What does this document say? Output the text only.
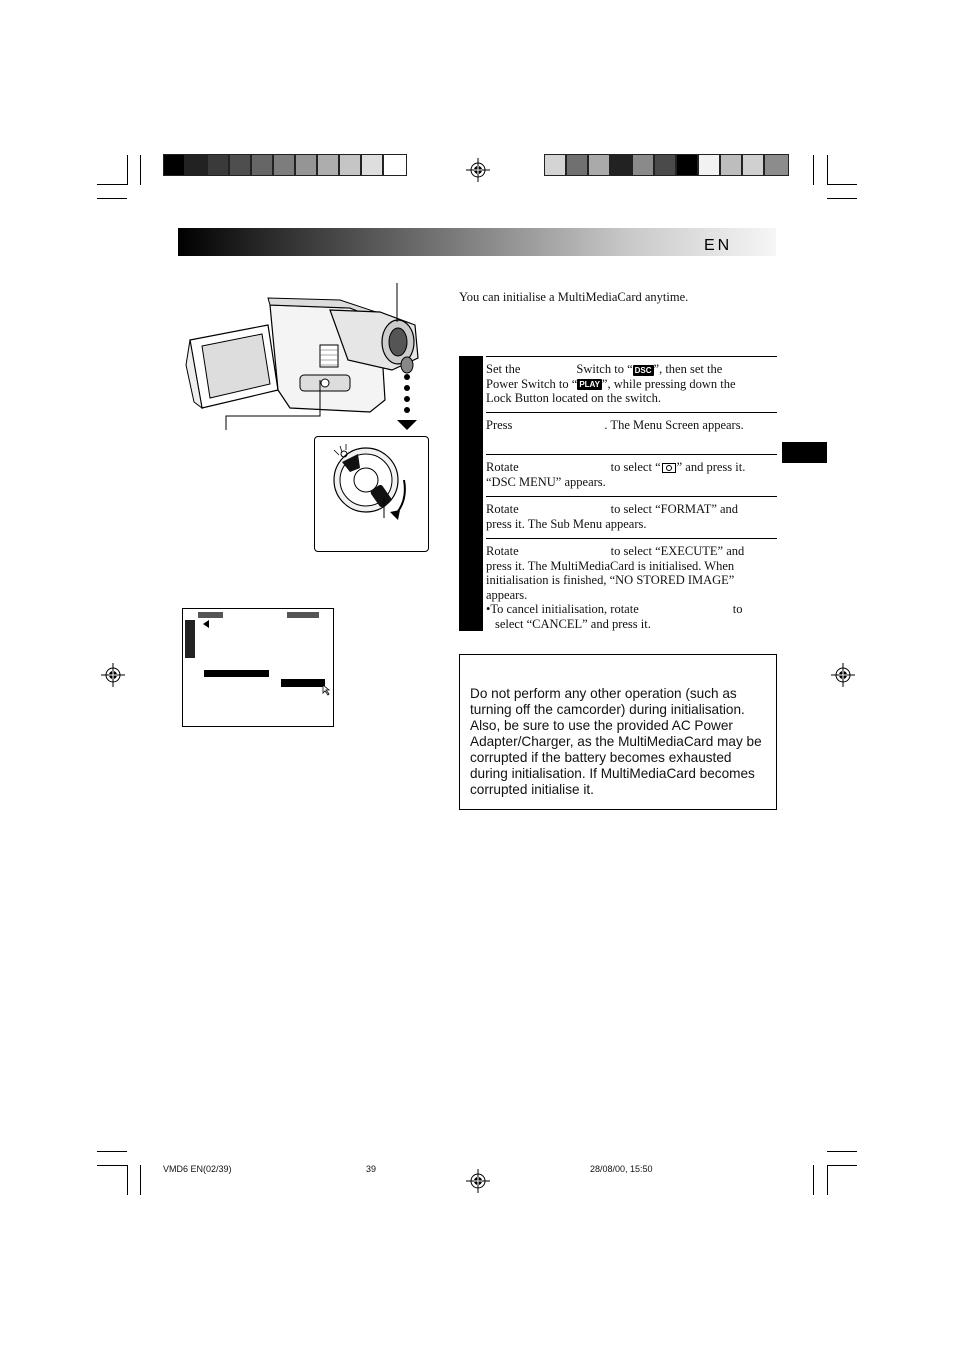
EN
You can initialise a MultiMediaCard anytime.

Set the	Switch to “ DSC ”, then set the

Power Switch to “ PLAY ”, while pressing down the

Lock Button located on the switch.

Press	. The Menu Screen appears.

Rotate	to select “ ” and press it.

“DSC MENU” appears.

Rotate	to select “FORMAT” and

press it. The Sub Menu appears.

Rotate	to select “EXECUTE” and

press it. The MultiMediaCard is initialised. When

initialisation is finished, “NO STORED IMAGE”

appears.

•To cancel initialisation, rotate	to

select “CANCEL” and press it.

Do not perform any other operation (such as turning off the camcorder) during initialisation. Also, be sure to use the provided AC Power Adapter/Charger, as the MultiMediaCard may be corrupted if the battery becomes exhausted during initialisation. If MultiMediaCard becomes corrupted initialise it.
VMD6 EN(02/39)	39	28/08/00, 15:50
